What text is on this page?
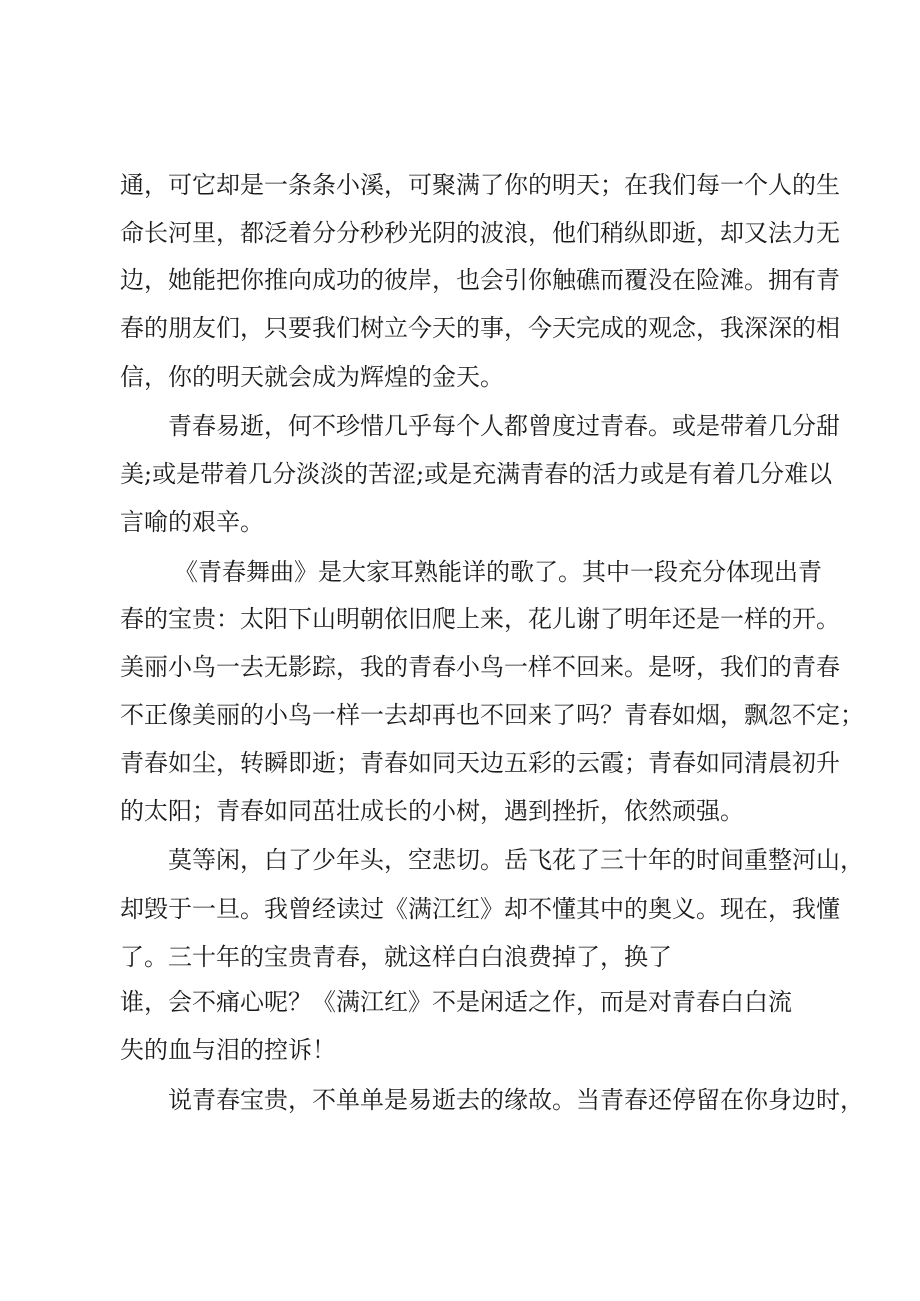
通，可它却是一条条小溪，可聚满了你的明天；在我们每一个人的生
命长河里，都泛着分分秒秒光阴的波浪，他们稍纵即逝，却又法力无
边，她能把你推向成功的彼岸，也会引你触礁而覆没在险滩。拥有青
春的朋友们，只要我们树立今天的事，今天完成的观念，我深深的相
信，你的明天就会成为辉煌的金天。
青春易逝，何不珍惜几乎每个人都曾度过青春。或是带着几分甜
美;或是带着几分淡淡的苦涩;或是充满青春的活力或是有着几分难以
言喻的艰辛。
《青春舞曲》是大家耳熟能详的歌了。其中一段充分体现出青
春的宝贵：太阳下山明朝依旧爬上来，花儿谢了明年还是一样的开。
美丽小鸟一去无影踪，我的青春小鸟一样不回来。是呀，我们的青春
不正像美丽的小鸟一样一去却再也不回来了吗？青春如烟，飘忽不定；
青春如尘，转瞬即逝；青春如同天边五彩的云霞；青春如同清晨初升
的太阳；青春如同茁壮成长的小树，遇到挫折，依然顽强。
莫等闲，白了少年头，空悲切。岳飞花了三十年的时间重整河山，
却毁于一旦。我曾经读过《满江红》却不懂其中的奥义。现在，我懂
了。三十年的宝贵青春，就这样白白浪费掉了，换了
谁，会不痛心呢？《满江红》不是闲适之作，而是对青春白白流
失的血与泪的控诉！
说青春宝贵，不单单是易逝去的缘故。当青春还停留在你身边时，
